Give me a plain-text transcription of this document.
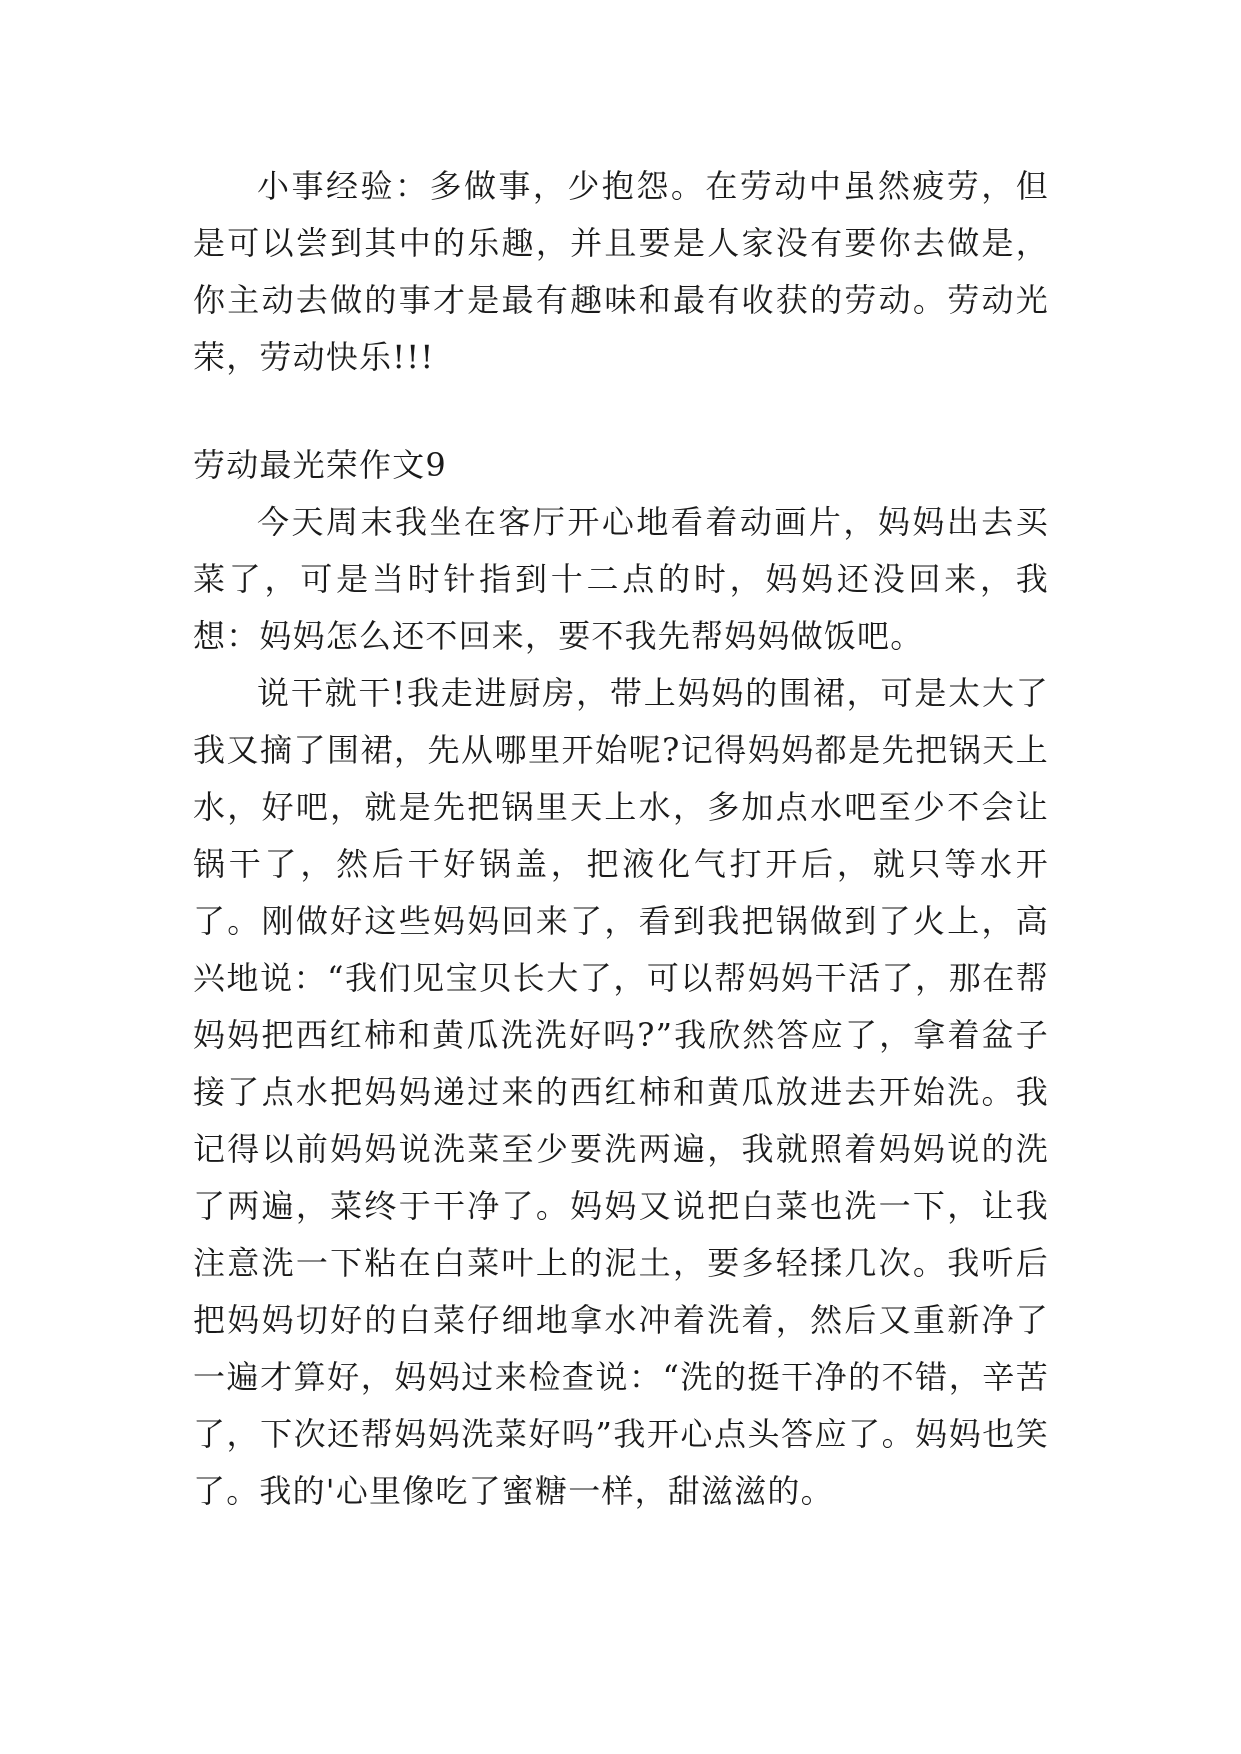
小事经验：多做事，少抱怨。在劳动中虽然疲劳，但是可以尝到其中的乐趣，并且要是人家没有要你去做是，你主动去做的事才是最有趣味和最有收获的劳动。劳动光荣，劳动快乐!!!

劳动最光荣作文9

今天周末我坐在客厅开心地看着动画片，妈妈出去买菜了，可是当时针指到十二点的时，妈妈还没回来，我想：妈妈怎么还不回来，要不我先帮妈妈做饭吧。

说干就干!我走进厨房，带上妈妈的围裙，可是太大了我又摘了围裙，先从哪里开始呢?记得妈妈都是先把锅天上水，好吧，就是先把锅里天上水，多加点水吧至少不会让锅干了，然后干好锅盖，把液化气打开后，就只等水开了。刚做好这些妈妈回来了，看到我把锅做到了火上，高兴地说：“我们见宝贝长大了，可以帮妈妈干活了，那在帮妈妈把西红柿和黄瓜洗洗好吗?”我欣然答应了，拿着盆子接了点水把妈妈递过来的西红柿和黄瓜放进去开始洗。我记得以前妈妈说洗菜至少要洗两遍，我就照着妈妈说的洗了两遍，菜终于干净了。妈妈又说把白菜也洗一下，让我注意洗一下粘在白菜叶上的泥土，要多轻揉几次。我听后把妈妈切好的白菜仔细地拿水冲着洗着，然后又重新净了一遍才算好，妈妈过来检查说：“洗的挺干净的不错，辛苦了，下次还帮妈妈洗菜好吗”我开心点头答应了。妈妈也笑了。我的'心里像吃了蜜糖一样，甜滋滋的。
